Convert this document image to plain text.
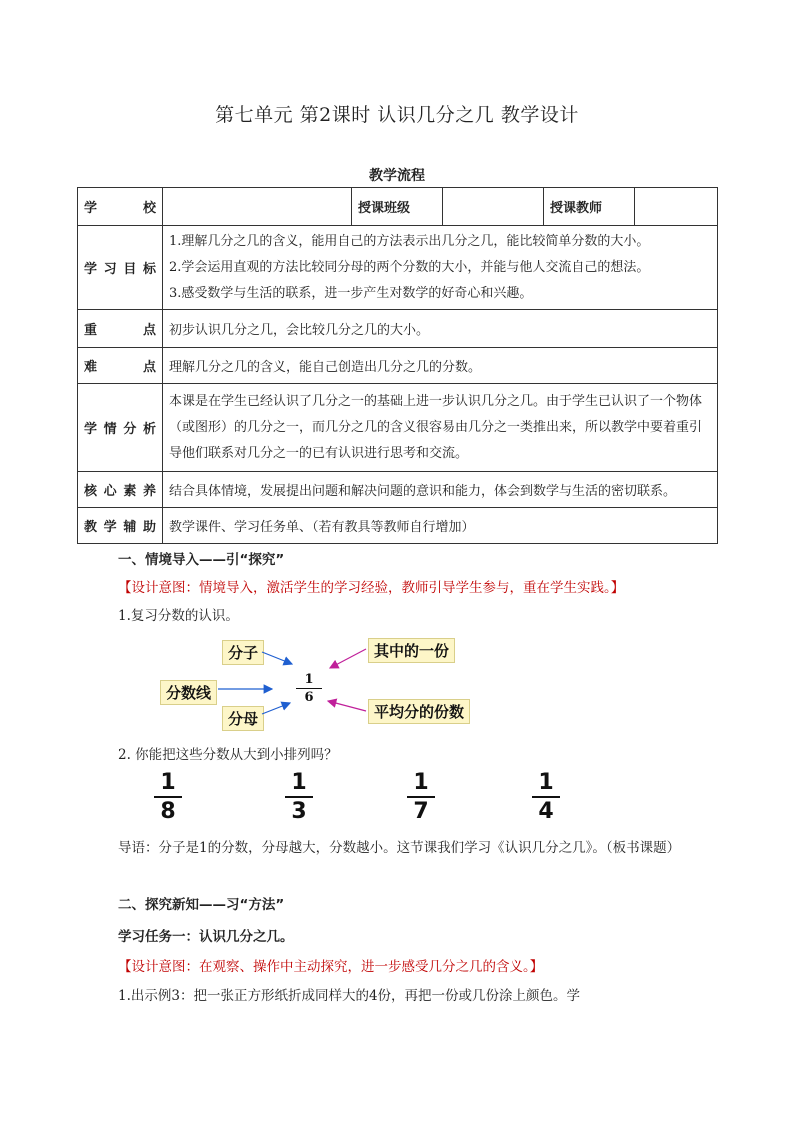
第七单元 第2课时 认识几分之几 教学设计
教学流程
学　　校		授课班级		授课教师	
学习目标	1.理解几分之几的含义，能用自己的方法表示出几分之几，能比较简单分数的大小。
2.学会运用直观的方法比较同分母的两个分数的大小，并能与他人交流自己的想法。
3.感受数学与生活的联系，进一步产生对数学的好奇心和兴趣。				

重　　点	初步认识几分之几，会比较几分之几的大小。				
难　　点	理解几分之几的含义，能自己创造出几分之几的分数。				
学情分析	本课是在学生已经认识了几分之一的基础上进一步认识几分之几。由于学生已认识了一个物体（或图形）的几分之一，而几分之几的含义很容易由几分之一类推出来，所以教学中要着重引导他们联系对几分之一的已有认识进行思考和交流。				
核心素养	结合具体情境，发展提出问题和解决问题的意识和能力，体会到数学与生活的密切联系。				
教学辅助	教学课件、学习任务单、（若有教具等教师自行增加）				
一、情境导入——引“探究”
【设计意图：情境导入，激活学生的学习经验，教师引导学生参与，重在学生实践。】
1.复习分数的认识。
分子
分数线
分母
其中的一份
平均分的份数
1
6
2. 你能把这些分数从大到小排列吗？
1
8
1
3
1
7
1
4
导语：分子是1的分数，分母越大，分数越小。这节课我们学习《认识几分之几》。（板书课题）
二、探究新知——习“方法”
学习任务一：认识几分之几。
【设计意图：在观察、操作中主动探究，进一步感受几分之几的含义。】
1.出示例3：把一张正方形纸折成同样大的4份，再把一份或几份涂上颜色。学
